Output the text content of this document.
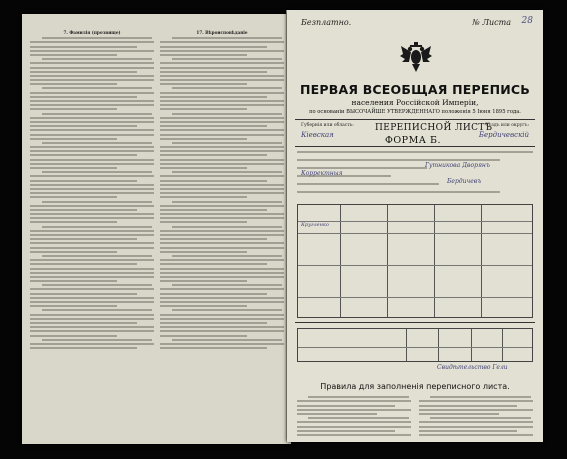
7. Фамилія (прозвище)	17. Вѣроисповѣданіе
Безплатно.	№ Листа 28
ПЕРВАЯ ВСЕОБЩАЯ ПЕРЕПИСЬ
населения Россійской Имперіи,
по основаніи ВЫСОЧАЙШЕ УТВЕРЖДЕННАГО положенія 5 Іюня 1895 года.
Губернія или область:
Кіевская
ПЕРЕПИСНОЙ ЛИСТЪ
ФОРМА Б.
Уѣздъ или округъ:
Бердичевскій
Гутникова Дворянъ
Корректныя
Бердичевъ
Кругленко
Свидѣтельство Гели
Правила для заполненія переписного листа.
